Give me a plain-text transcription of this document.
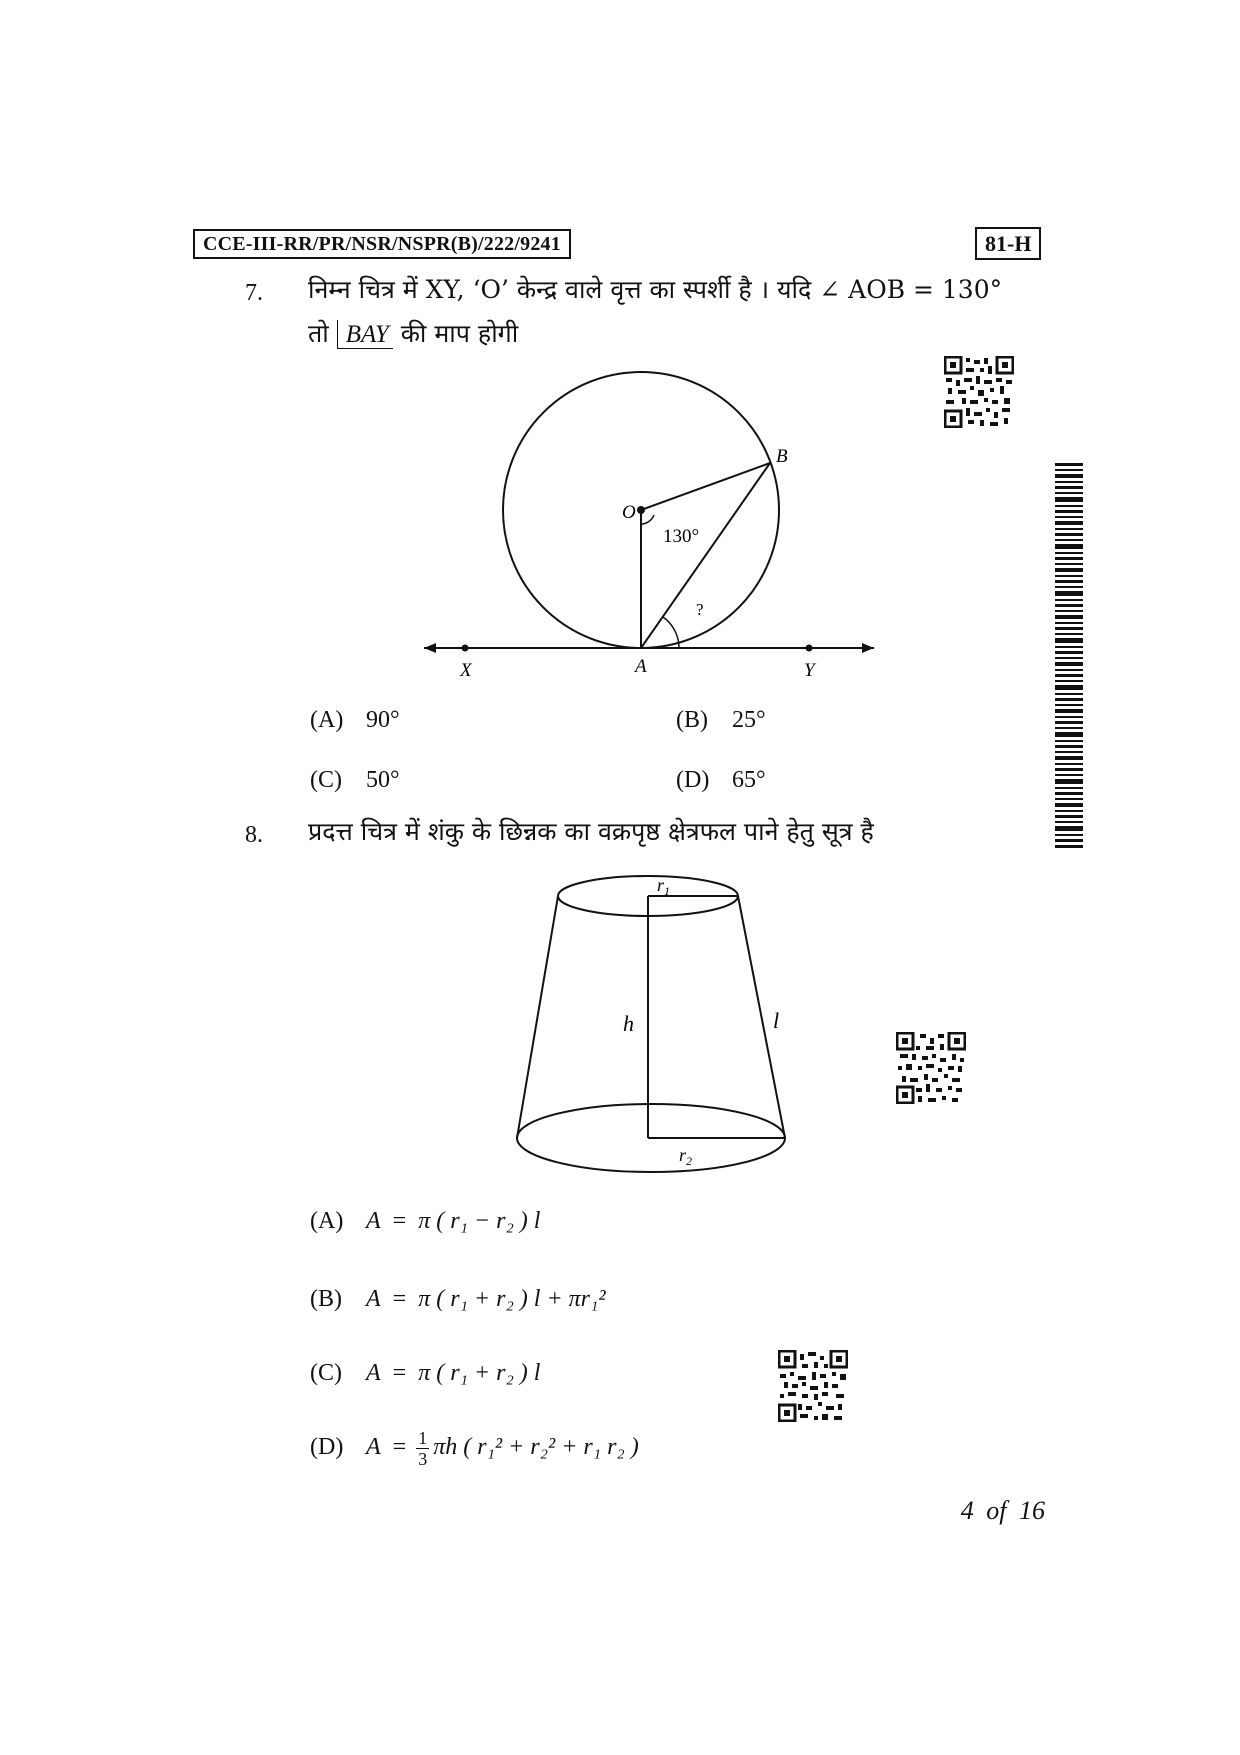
CCE-III-RR/PR/NSR/NSPR(B)/222/9241	81-H
7. निम्न चित्र में XY, ‘O’ केन्द्र वाले वृत्त का स्पर्शी है । यदि ∠ AOB = 130°
तो BAY की माप होगी
O
B
A
X	Y
130°
?
(A) 90°	(B) 25°
(C) 50°	(D) 65°
8. प्रदत्त चित्र में शंकु के छिन्नक का वक्रपृष्ठ क्षेत्रफल पाने हेतु सूत्र है
$r_1$
$r_2$
h	l
(A) A = π ( r₁ − r₂ ) l
(B) A = π ( r₁ + r₂ ) l + πr₁²
(C) A = π ( r₁ + r₂ ) l
(D) $A = \frac{1}{3}$ πh ( r₁² + r₂² + r₁ r₂ )
4 of 16
